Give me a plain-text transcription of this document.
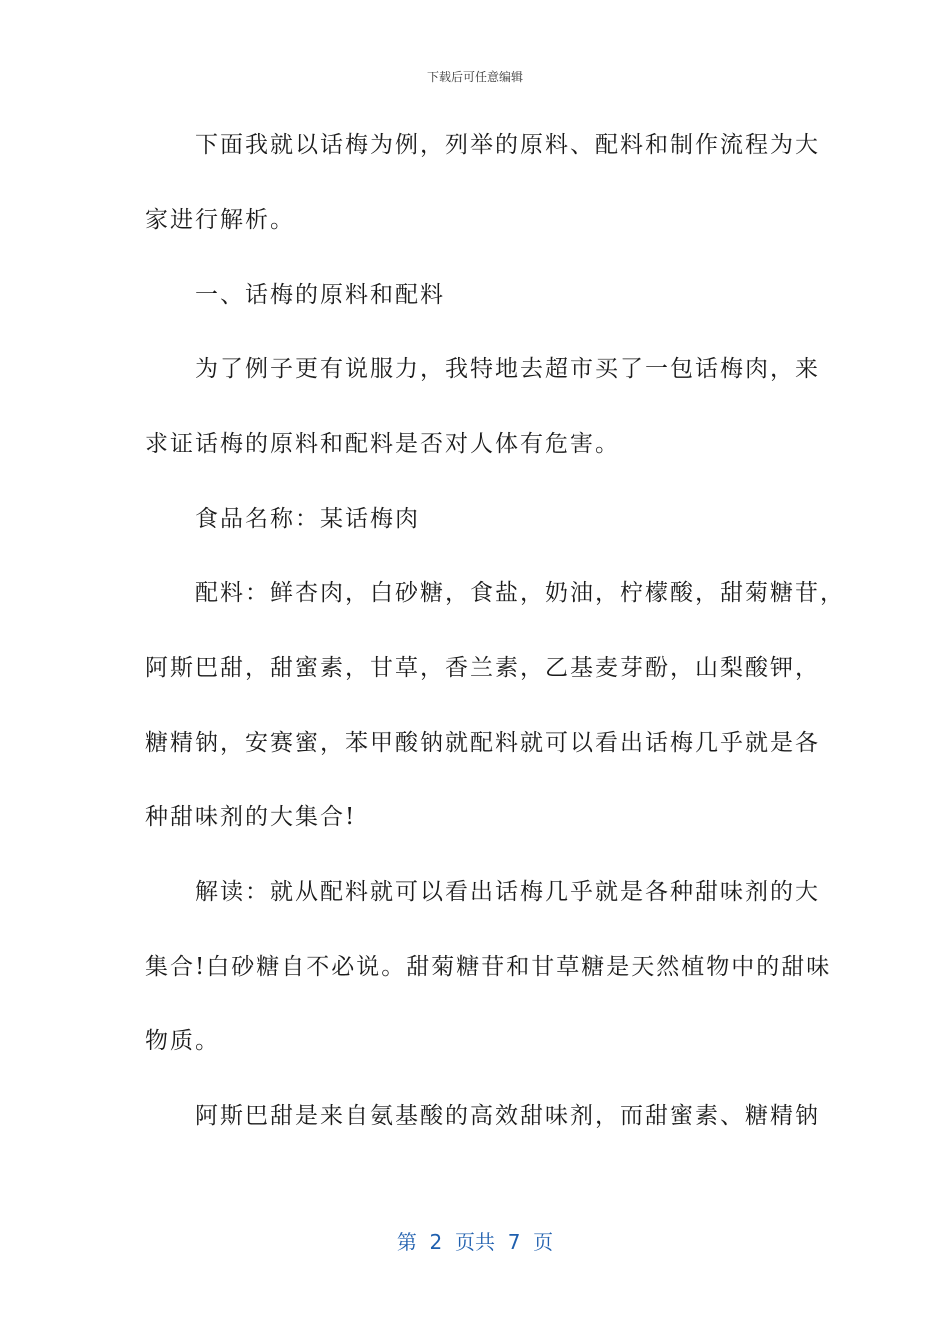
下载后可任意编辑
　　下面我就以话梅为例，列举的原料、配料和制作流程为大
家进行解析。
　　一、话梅的原料和配料
　　为了例子更有说服力，我特地去超市买了一包话梅肉，来
求证话梅的原料和配料是否对人体有危害。
　　食品名称：某话梅肉
　　配料：鲜杏肉，白砂糖，食盐，奶油，柠檬酸，甜菊糖苷，
阿斯巴甜，甜蜜素，甘草，香兰素，乙基麦芽酚，山梨酸钾，
糖精钠，安赛蜜，苯甲酸钠就配料就可以看出话梅几乎就是各
种甜味剂的大集合!
　　解读：就从配料就可以看出话梅几乎就是各种甜味剂的大
集合!白砂糖自不必说。甜菊糖苷和甘草糖是天然植物中的甜味
物质。
　　阿斯巴甜是来自氨基酸的高效甜味剂，而甜蜜素、糖精钠
第  2  页共  7  页
